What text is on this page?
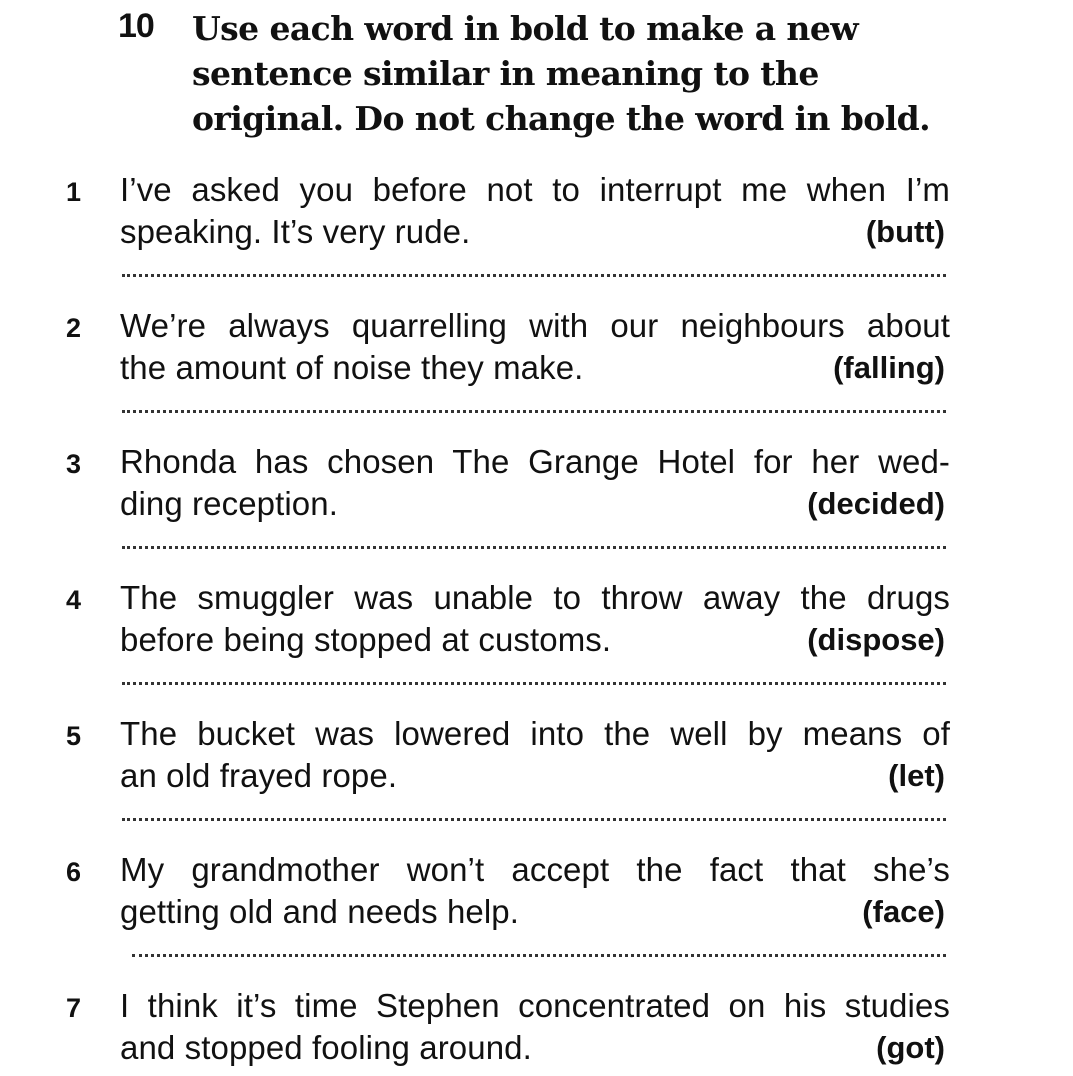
10 Use each word in bold to make a new sentence similar in meaning to the original. Do not change the word in bold.
1 I’ve asked you before not to interrupt me when I’m
speaking. It’s very rude.	(butt)
2 We’re always quarrelling with our neighbours about
the amount of noise they make.	(falling)
3 Rhonda has chosen The Grange Hotel for her wed-
ding reception.	(decided)
4 The smuggler was unable to throw away the drugs
before being stopped at customs.	(dispose)
5 The bucket was lowered into the well by means of
an old frayed rope.	(let)
6 My grandmother won’t accept the fact that she’s
getting old and needs help.	(face)
7 I think it’s time Stephen concentrated on his studies
and stopped fooling around.	(got)
